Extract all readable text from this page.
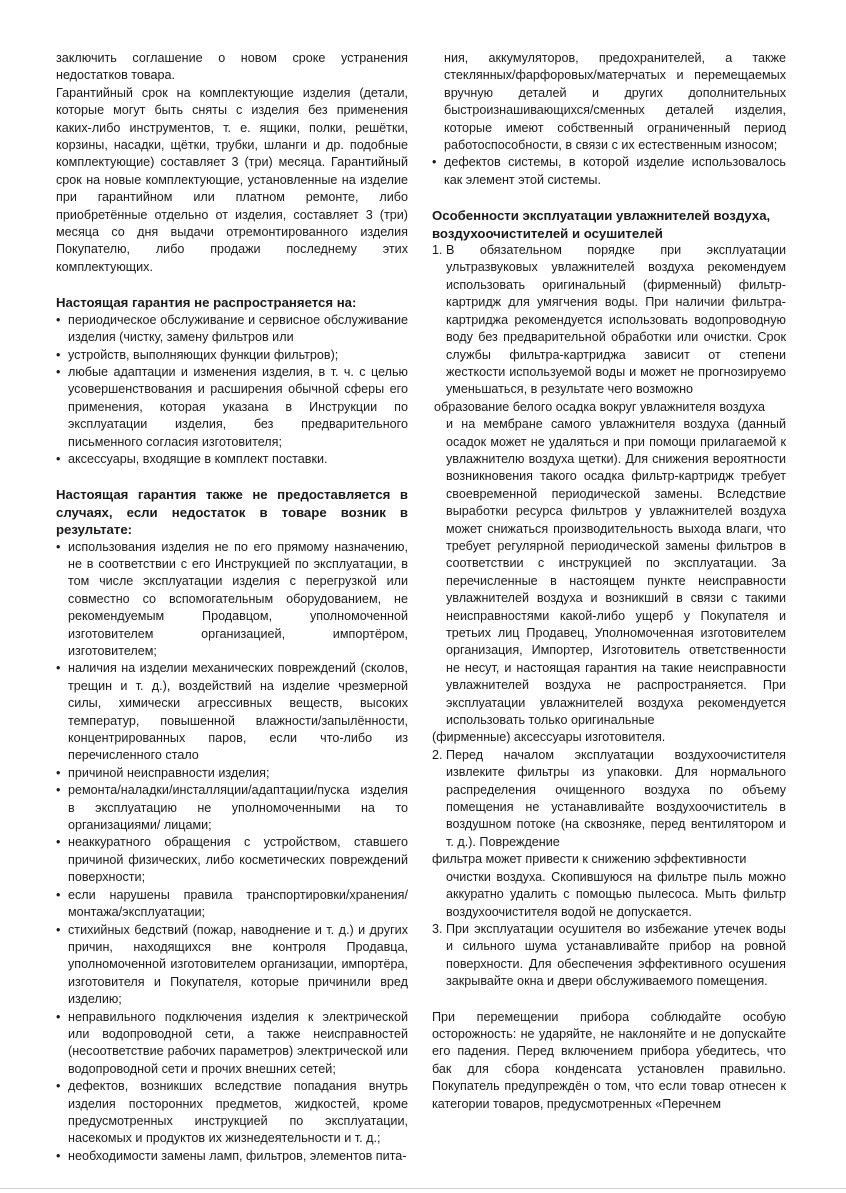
заключить соглашение о новом сроке устранения недостатков товара.

Гарантийный срок на комплектующие изделия (детали, которые могут быть сняты с изделия без применения каких-либо инструментов, т. е. ящики, полки, решётки, корзины, насадки, щётки, трубки, шланги и др. подобные комплектующие) составляет 3 (три) месяца. Гарантийный срок на новые комплектующие, установленные на изделие при гарантийном или платном ремонте, либо приобретённые отдельно от изделия, составляет 3 (три) месяца со дня выдачи отремонтированного изделия Покупателю, либо продажи последнему этих комплектующих.

Настоящая гарантия не распространяется на:

• периодическое обслуживание и сервисное обслуживание изделия (чистку, замену фильтров или
• устройств, выполняющих функции фильтров);
• любые адаптации и изменения изделия, в т. ч. с целью усовершенствования и расширения обычной сферы его применения, которая указана в Инструкции по эксплуатации изделия, без предварительного письменного согласия изготовителя;
• аксессуары, входящие в комплект поставки.

Настоящая гарантия также не предоставляется в случаях, если недостаток в товаре возник в результате:

• использования изделия не по его прямому назначению, не в соответствии с его Инструкцией по эксплуатации, в том числе эксплуатации изделия с перегрузкой или совместно со вспомогательным оборудованием, не рекомендуемым Продавцом, уполномоченной изготовителем организацией, импортёром, изготовителем;
• наличия на изделии механических повреждений (сколов, трещин и т. д.), воздействий на изделие чрезмерной силы, химически агрессивных веществ, высоких температур, повышенной влажности/запылённости, концентрированных паров, если что-либо из перечисленного стало
• причиной неисправности изделия;
• ремонта/наладки/инсталляции/адаптации/пуска изделия в эксплуатацию не уполномоченными на то организациями/ лицами;
• неаккуратного обращения с устройством, ставшего причиной физических, либо косметических повреждений поверхности;
• если нарушены правила транспортировки/хранения/монтажа/эксплуатации;
• стихийных бедствий (пожар, наводнение и т. д.) и других причин, находящихся вне контроля Продавца, уполномоченной изготовителем организации, импортёра, изготовителя и Покупателя, которые причинили вред изделию;
• неправильного подключения изделия к электрической или водопроводной сети, а также неисправностей (несоответствие рабочих параметров) электрической или водопроводной сети и прочих внешних сетей;
• дефектов, возникших вследствие попадания внутрь изделия посторонних предметов, жидкостей, кроме предусмотренных инструкцией по эксплуатации, насекомых и продуктов их жизнедеятельности и т. д.;
• необходимости замены ламп, фильтров, элементов пита-
ния, аккумуляторов, предохранителей, а также стеклянных/фарфоровых/матерчатых и перемещаемых вручную деталей и других дополнительных быстроизнашивающихся/сменных деталей изделия, которые имеют собственный ограниченный период работоспособности, в связи с их естественным износом;
• дефектов системы, в которой изделие использовалось как элемент этой системы.

Особенности эксплуатации увлажнителей воздуха, воздухоочистителей и осушителей

1. В обязательном порядке при эксплуатации ультразвуковых увлажнителей воздуха рекомендуем использовать оригинальный (фирменный) фильтр-картридж для умягчения воды. При наличии фильтра-картриджа рекомендуется использовать водопроводную воду без предварительной обработки или очистки. Срок службы фильтра-картриджа зависит от степени жесткости используемой воды и может не прогнозируемо уменьшаться, в результате чего возможно

образование белого осадка вокруг увлажнителя воздуха

и на мембране самого увлажнителя воздуха (данный осадок может не удаляться и при помощи прилагаемой к увлажнителю воздуха щетки). Для снижения вероятности возникновения такого осадка фильтр-картридж требует своевременной периодической замены. Вследствие выработки ресурса фильтров у увлажнителей воздуха может снижаться производительность выхода влаги, что требует регулярной периодической замены фильтров в соответствии с инструкцией по эксплуатации. За перечисленные в настоящем пункте неисправности увлажнителей воздуха и возникший в связи с такими неисправностями какой-либо ущерб у Покупателя и третьих лиц Продавец, Уполномоченная изготовителем организация, Импортер, Изготовитель ответственности не несут, и настоящая гарантия на такие неисправности увлажнителей воздуха не распространяется. При эксплуатации увлажнителей воздуха рекомендуется использовать только оригинальные

(фирменные) аксессуары изготовителя.

2. Перед началом эксплуатации воздухоочистителя извлеките фильтры из упаковки. Для нормального распределения очищенного воздуха по объему помещения не устанавливайте воздухоочиститель в воздушном потоке (на сквозняке, перед вентилятором и т. д.). Повреждение

фильтра может привести к снижению эффективности

очистки воздуха. Скопившуюся на фильтре пыль можно аккуратно удалить с помощью пылесоса. Мыть фильтр воздухоочистителя водой не допускается.

3. При эксплуатации осушителя во избежание утечек воды и сильного шума устанавливайте прибор на ровной поверхности. Для обеспечения эффективного осушения закрывайте окна и двери обслуживаемого помещения.

При перемещении прибора соблюдайте особую осторожность: не ударяйте, не наклоняйте и не допускайте его падения. Перед включением прибора убедитесь, что бак для сбора конденсата установлен правильно. Покупатель предупреждён о том, что если товар отнесен к категории товаров, предусмотренных «Перечнем
